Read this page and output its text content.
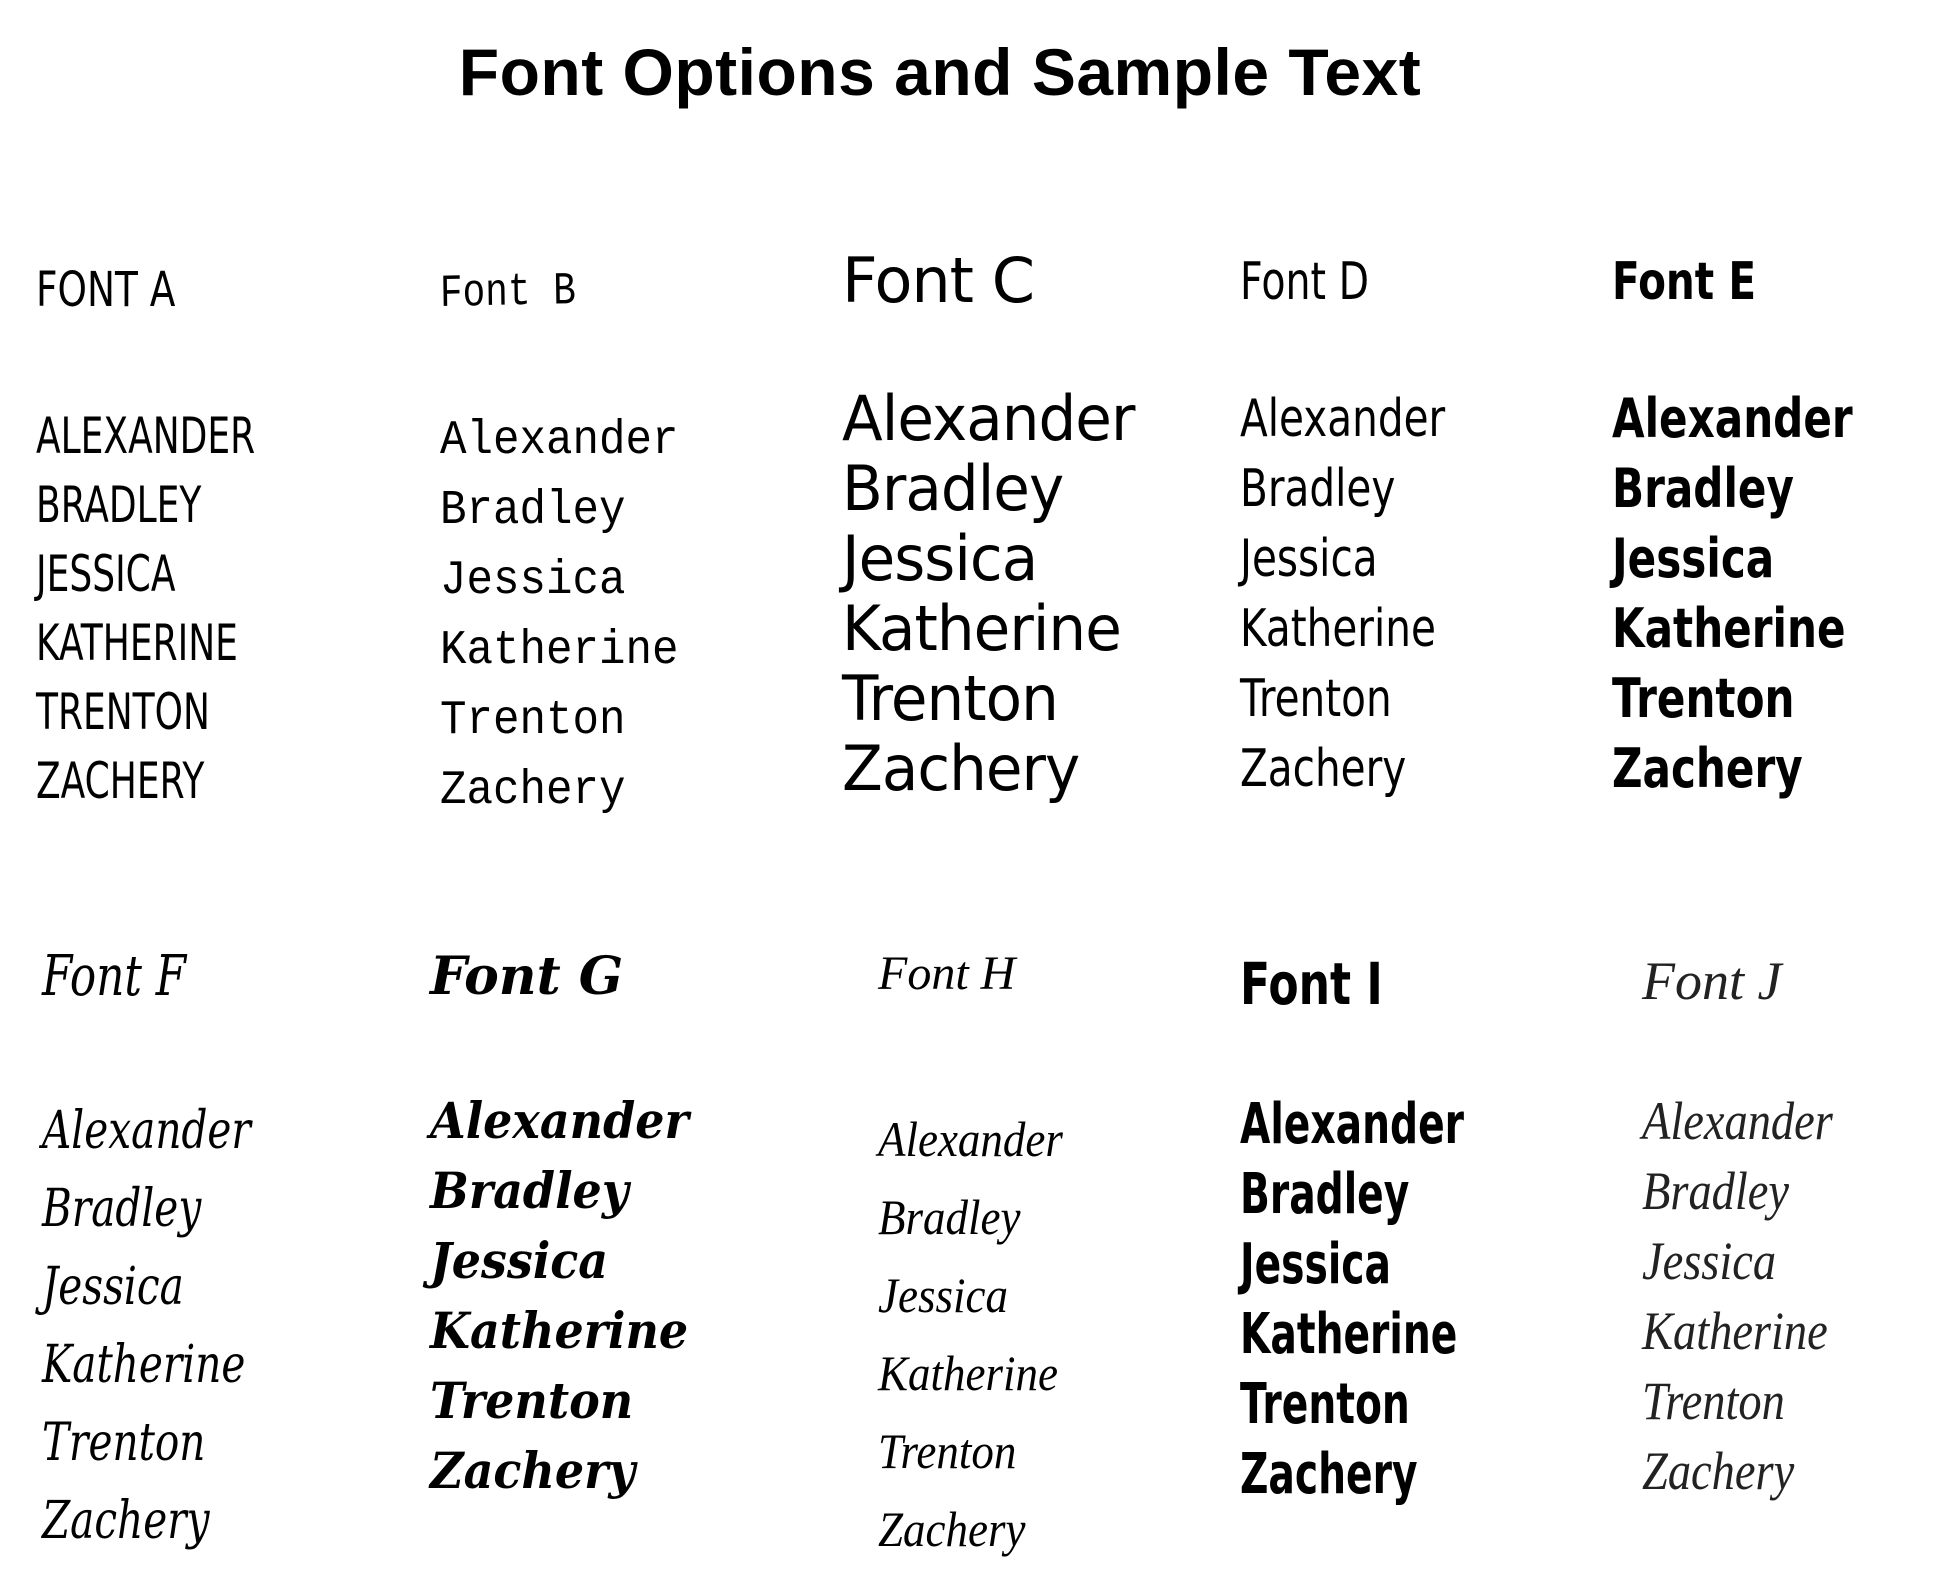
Font Options and Sample Text
FONT A
ALEXANDER
BRADLEY
JESSICA
KATHERINE
TRENTON
ZACHERY
Font B
Alexander
Bradley
Jessica
Katherine
Trenton
Zachery
Font C
Alexander
Bradley
Jessica
Katherine
Trenton
Zachery
Font D
Alexander
Bradley
Jessica
Katherine
Trenton
Zachery
Font E
Alexander
Bradley
Jessica
Katherine
Trenton
Zachery
Font F
Alexander
Bradley
Jessica
Katherine
Trenton
Zachery
Font G
Alexander
Bradley
Jessica
Katherine
Trenton
Zachery
Font H
Alexander
Bradley
Jessica
Katherine
Trenton
Zachery
Font I
Alexander
Bradley
Jessica
Katherine
Trenton
Zachery
Font J
Alexander
Bradley
Jessica
Katherine
Trenton
Zachery
